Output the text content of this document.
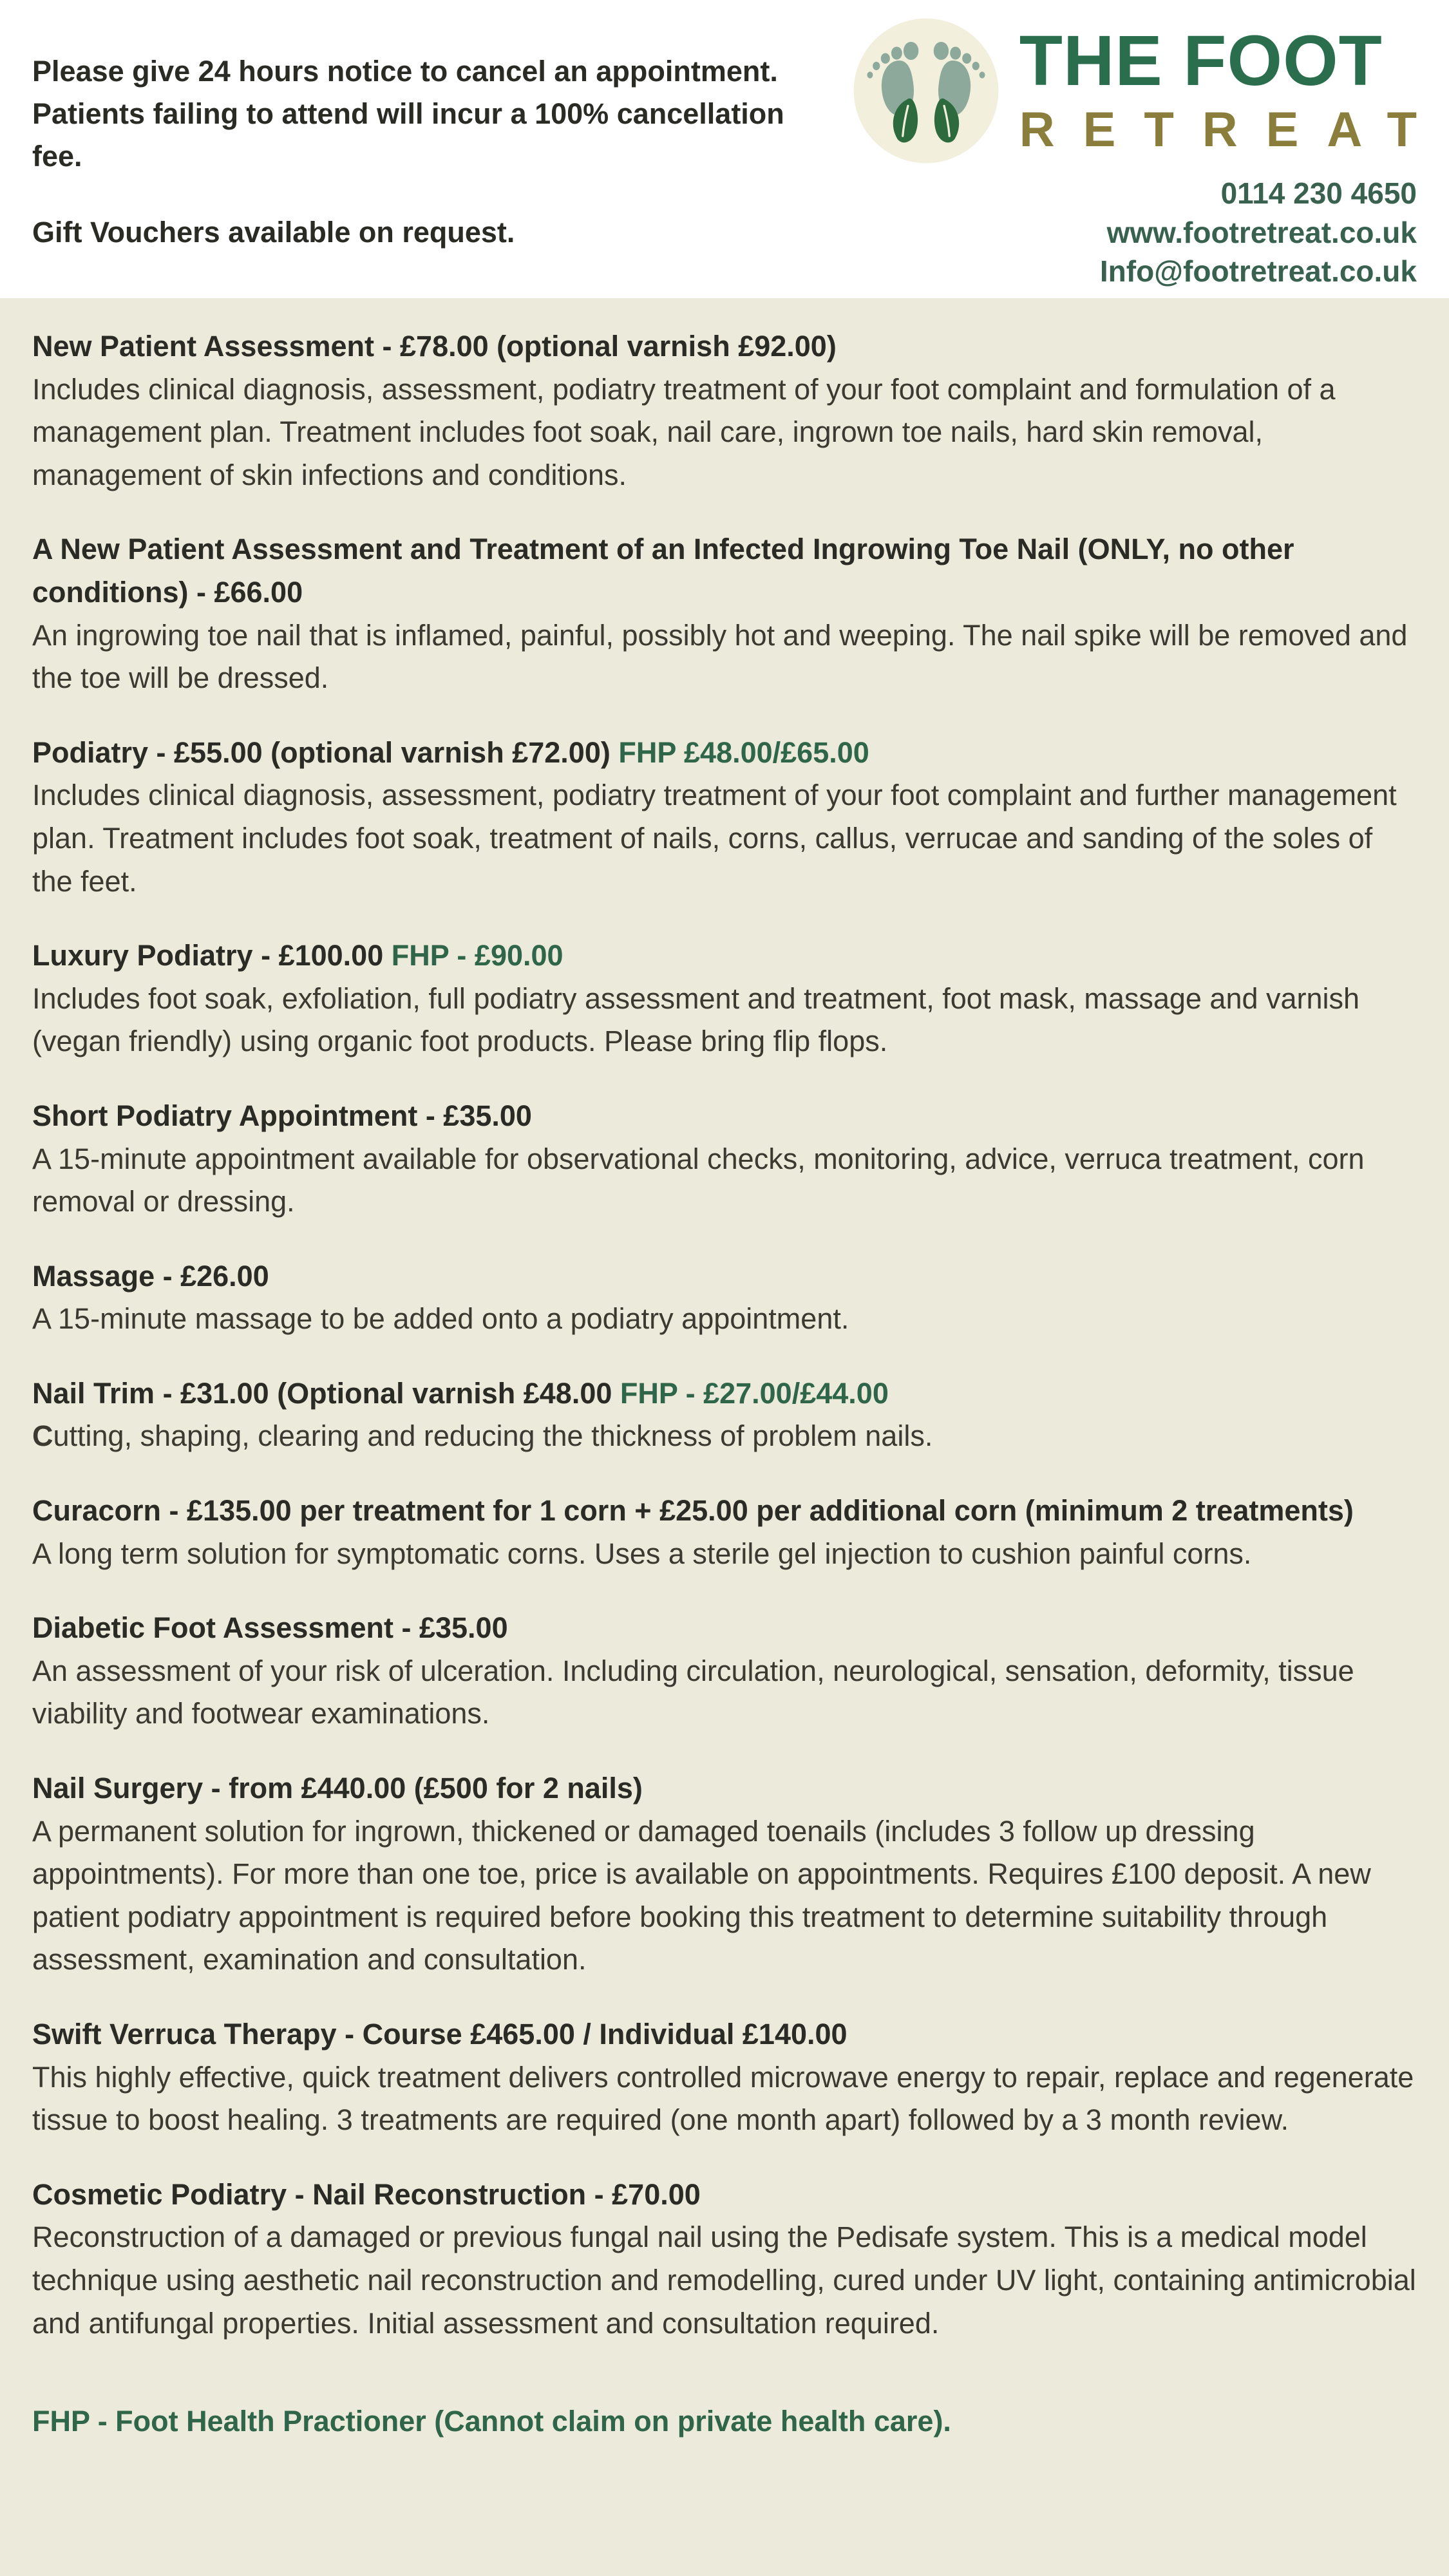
Please give 24 hours notice to cancel an appointment. Patients failing to attend will incur a 100% cancellation fee.

Gift Vouchers available on request.

THE FOOT
RETREAT
0114 230 4650
www.footretreat.co.uk
Info@footretreat.co.uk
New Patient Assessment - £78.00 (optional varnish £92.00)

Includes clinical diagnosis, assessment, podiatry treatment of your foot complaint and formulation of a management plan. Treatment includes foot soak, nail care, ingrown toe nails, hard skin removal, management of skin infections and conditions.

A New Patient Assessment and Treatment of an Infected Ingrowing Toe Nail (ONLY, no other conditions) - £66.00

An ingrowing toe nail that is inflamed, painful, possibly hot and weeping. The nail spike will be removed and the toe will be dressed.

Podiatry - £55.00 (optional varnish £72.00) FHP £48.00/£65.00

Includes clinical diagnosis, assessment, podiatry treatment of your foot complaint and further management plan. Treatment includes foot soak, treatment of nails, corns, callus, verrucae and sanding of the soles of the feet.

Luxury Podiatry - £100.00 FHP - £90.00

Includes foot soak, exfoliation, full podiatry assessment and treatment, foot mask, massage and varnish (vegan friendly) using organic foot products. Please bring flip flops.

Short Podiatry Appointment - £35.00

A 15-minute appointment available for observational checks, monitoring, advice, verruca treatment, corn removal or dressing.

Massage - £26.00

A 15-minute massage to be added onto a podiatry appointment.

Nail Trim - £31.00 (Optional varnish £48.00 FHP - £27.00/£44.00

Cutting, shaping, clearing and reducing the thickness of problem nails.

Curacorn - £135.00 per treatment for 1 corn + £25.00 per additional corn (minimum 2 treatments)

A long term solution for symptomatic corns. Uses a sterile gel injection to cushion painful corns.

Diabetic Foot Assessment - £35.00

An assessment of your risk of ulceration. Including circulation, neurological, sensation, deformity, tissue viability and footwear examinations.

Nail Surgery - from £440.00 (£500 for 2 nails)

A permanent solution for ingrown, thickened or damaged toenails (includes 3 follow up dressing appointments). For more than one toe, price is available on appointments. Requires £100 deposit. A new patient podiatry appointment is required before booking this treatment to determine suitability through assessment, examination and consultation.

Swift Verruca Therapy - Course £465.00 / Individual £140.00

This highly effective, quick treatment delivers controlled microwave energy to repair, replace and regenerate tissue to boost healing. 3 treatments are required (one month apart) followed by a 3 month review.

Cosmetic Podiatry - Nail Reconstruction - £70.00

Reconstruction of a damaged or previous fungal nail using the Pedisafe system. This is a medical model technique using aesthetic nail reconstruction and remodelling, cured under UV light, containing antimicrobial and antifungal properties. Initial assessment and consultation required.

FHP - Foot Health Practioner (Cannot claim on private health care).
